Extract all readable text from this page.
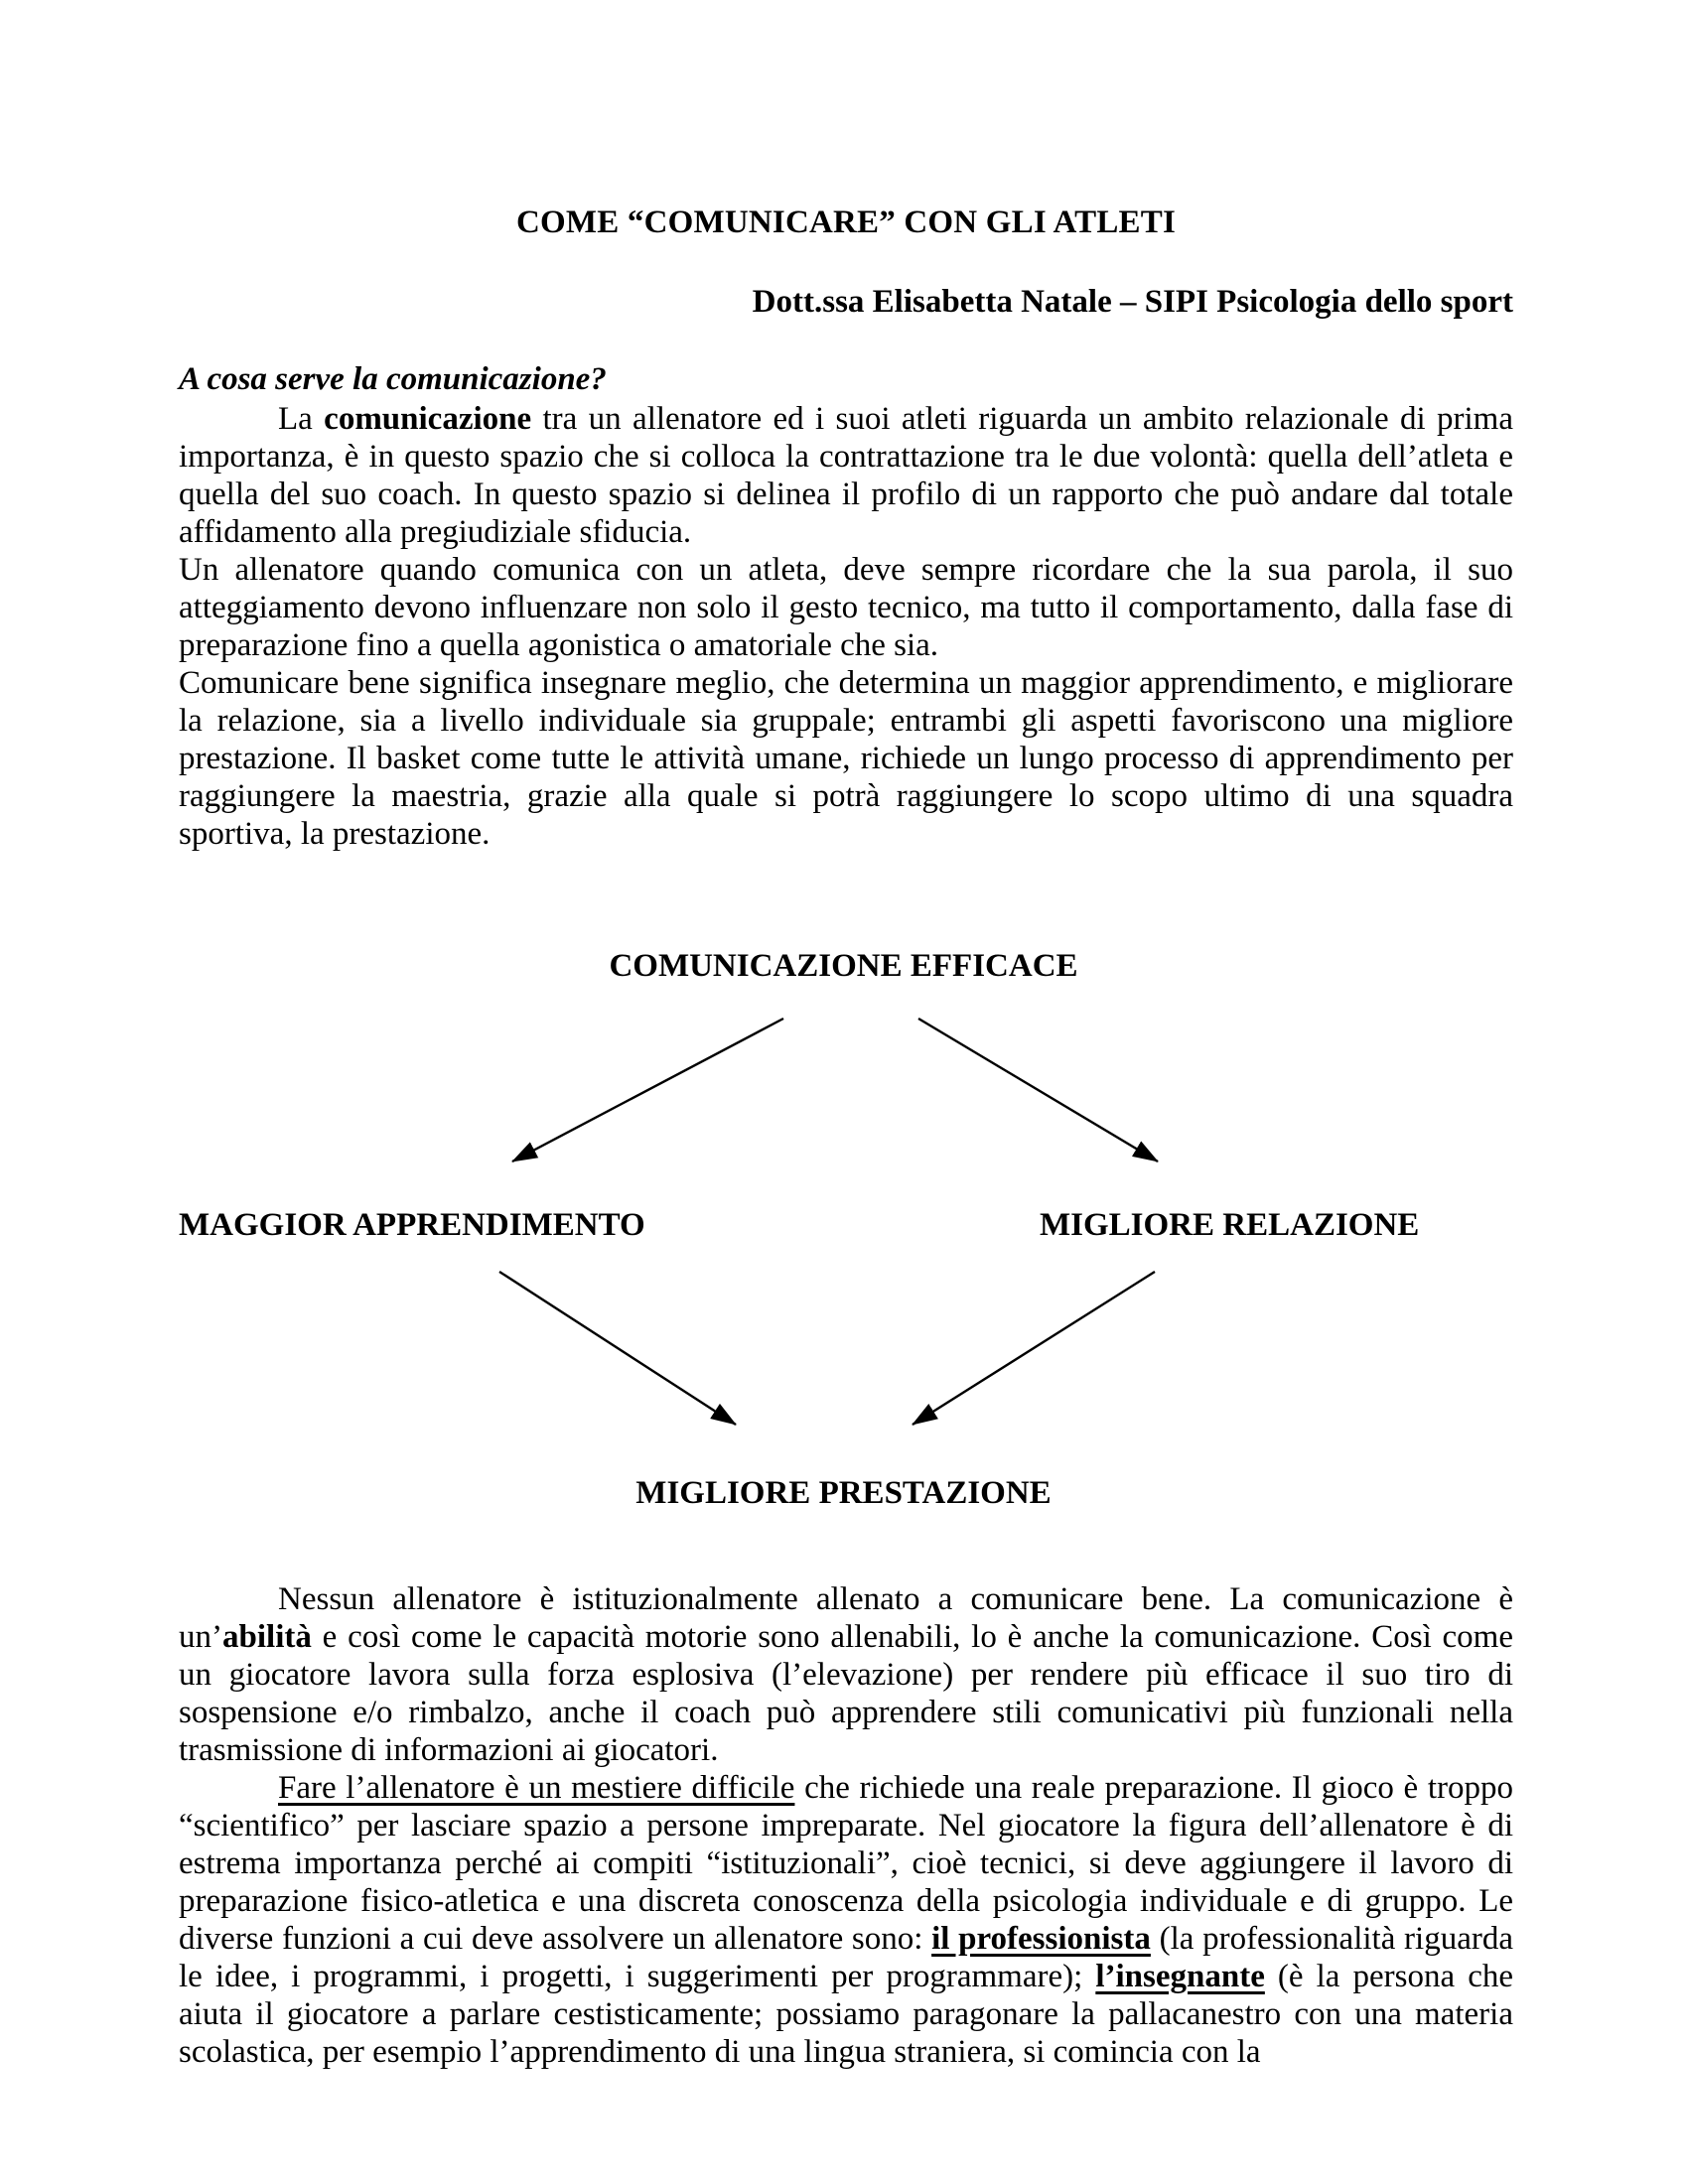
COME “COMUNICARE” CON GLI ATLETI
Dott.ssa Elisabetta Natale – SIPI Psicologia dello sport
A cosa serve la comunicazione?

La comunicazione tra un allenatore ed i suoi atleti riguarda un ambito relazionale di prima importanza, è in questo spazio che si colloca la contrattazione tra le due volontà: quella dell’atleta e quella del suo coach. In questo spazio si delinea il profilo di un rapporto che può andare dal totale affidamento alla pregiudiziale sfiducia.

Un allenatore quando comunica con un atleta, deve sempre ricordare che la sua parola, il suo atteggiamento devono influenzare non solo il gesto tecnico, ma tutto il comportamento, dalla fase di preparazione fino a quella agonistica o amatoriale che sia.

Comunicare bene significa insegnare meglio, che determina un maggior apprendimento, e migliorare la relazione, sia a livello individuale sia gruppale; entrambi gli aspetti favoriscono una migliore prestazione. Il basket come tutte le attività umane, richiede un lungo processo di apprendimento per raggiungere la maestria, grazie alla quale si potrà raggiungere lo scopo ultimo di una squadra sportiva, la prestazione.

COMUNICAZIONE EFFICACE
MAGGIOR APPRENDIMENTO	MIGLIORE RELAZIONE
MIGLIORE PRESTAZIONE

Nessun allenatore è istituzionalmente allenato a comunicare bene. La comunicazione è un’abilità e così come le capacità motorie sono allenabili, lo è anche la comunicazione. Così come un giocatore lavora sulla forza esplosiva (l’elevazione) per rendere più efficace il suo tiro di sospensione e/o rimbalzo, anche il coach può apprendere stili comunicativi più funzionali nella trasmissione di informazioni ai giocatori.

Fare l’allenatore è un mestiere difficile che richiede una reale preparazione. Il gioco è troppo “scientifico” per lasciare spazio a persone impreparate. Nel giocatore la figura dell’allenatore è di estrema importanza perché ai compiti “istituzionali”, cioè tecnici, si deve aggiungere il lavoro di preparazione fisico-atletica e una discreta conoscenza della psicologia individuale e di gruppo. Le diverse funzioni a cui deve assolvere un allenatore sono: il professionista (la professionalità riguarda le idee, i programmi, i progetti, i suggerimenti per programmare); l’insegnante (è la persona che aiuta il giocatore a parlare cestisticamente; possiamo paragonare la pallacanestro con una materia scolastica, per esempio l’apprendimento di una lingua straniera, si comincia con la
